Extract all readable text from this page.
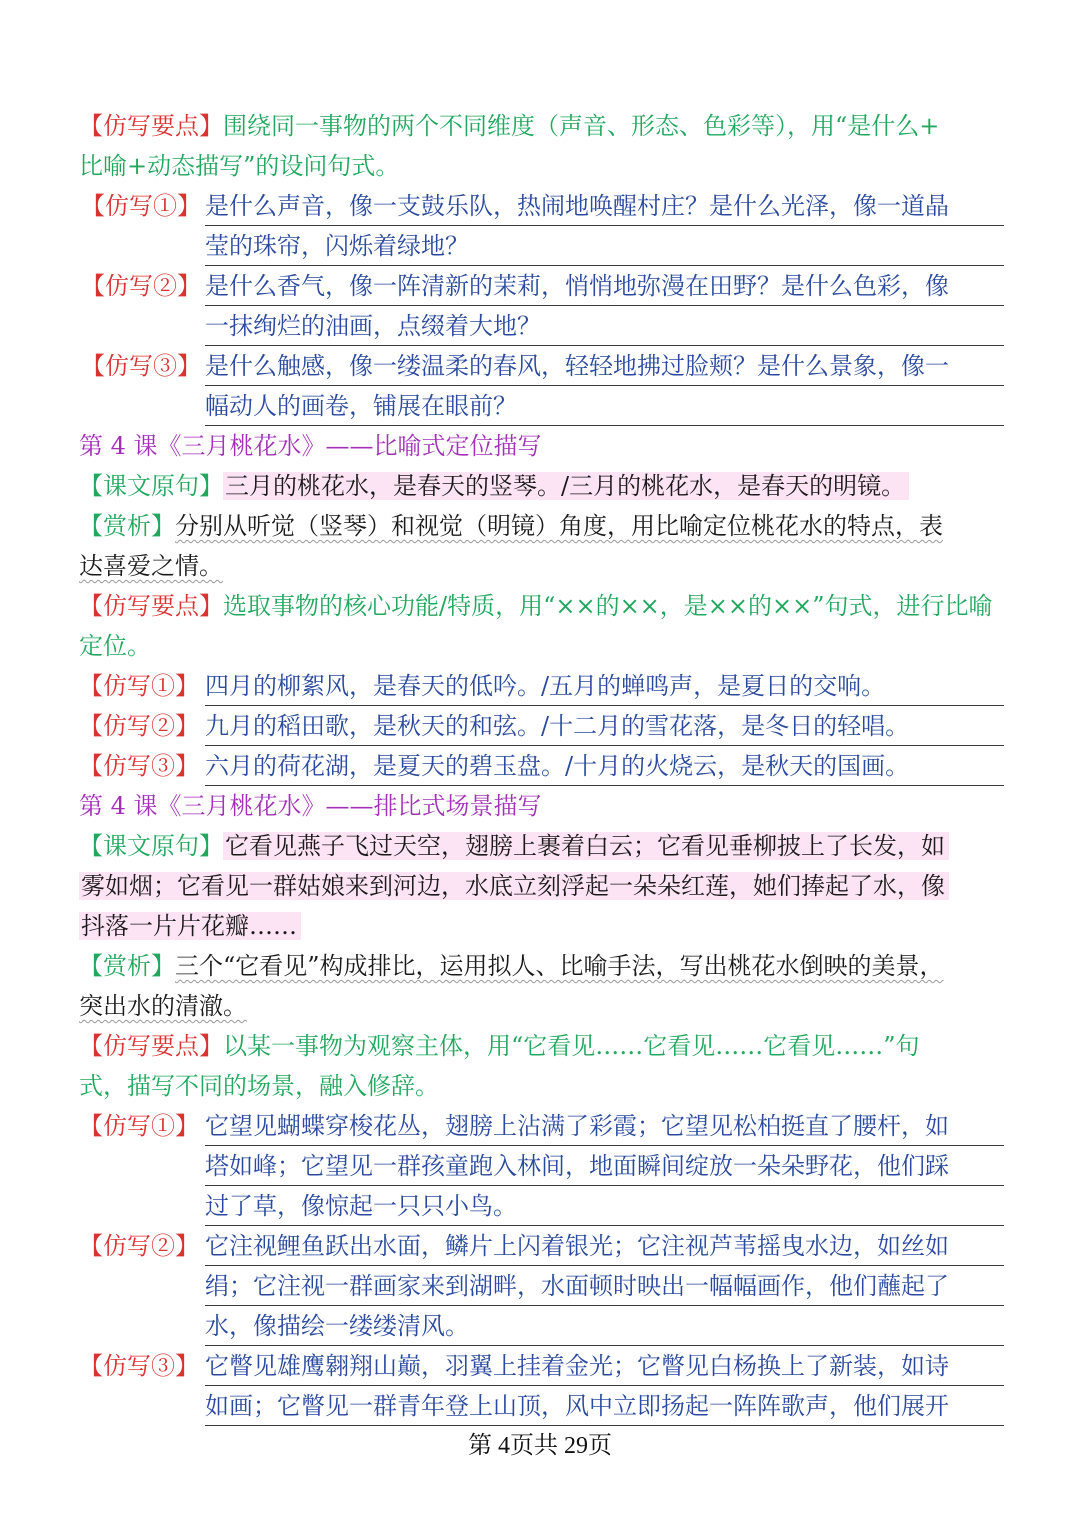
【仿写要点】围绕同一事物的两个不同维度（声音、形态、色彩等），用“是什么+
比喻+动态描写”的设问句式。
【仿写①】 是什么声音，像一支鼓乐队，热闹地唤醒村庄？是什么光泽，像一道晶
莹的珠帘，闪烁着绿地？
【仿写②】 是什么香气，像一阵清新的茉莉，悄悄地弥漫在田野？是什么色彩，像
一抹绚烂的油画，点缀着大地？
【仿写③】 是什么触感，像一缕温柔的春风，轻轻地拂过脸颊？是什么景象，像一
幅动人的画卷，铺展在眼前？
第 4 课《三月桃花水》——比喻式定位描写
【课文原句】三月的桃花水，是春天的竖琴。/三月的桃花水，是春天的明镜。
【赏析】分别从听觉（竖琴）和视觉（明镜）角度，用比喻定位桃花水的特点，表
达喜爱之情。
【仿写要点】选取事物的核心功能/特质，用“××的××，是××的××”句式，进行比喻
定位。
【仿写①】 四月的柳絮风，是春天的低吟。/五月的蝉鸣声，是夏日的交响。
【仿写②】 九月的稻田歌，是秋天的和弦。/十二月的雪花落，是冬日的轻唱。
【仿写③】 六月的荷花湖，是夏天的碧玉盘。/十月的火烧云，是秋天的国画。
第 4 课《三月桃花水》——排比式场景描写
【课文原句】它看见燕子飞过天空，翅膀上裹着白云；它看见垂柳披上了长发，如
雾如烟；它看见一群姑娘来到河边，水底立刻浮起一朵朵红莲，她们捧起了水，像
抖落一片片花瓣……
【赏析】三个“它看见”构成排比，运用拟人、比喻手法，写出桃花水倒映的美景，
突出水的清澈。
【仿写要点】以某一事物为观察主体，用“它看见……它看见……它看见……”句
式，描写不同的场景，融入修辞。
【仿写①】 它望见蝴蝶穿梭花丛，翅膀上沾满了彩霞；它望见松柏挺直了腰杆，如
塔如峰；它望见一群孩童跑入林间，地面瞬间绽放一朵朵野花，他们踩
过了草，像惊起一只只小鸟。
【仿写②】 它注视鲤鱼跃出水面，鳞片上闪着银光；它注视芦苇摇曳水边，如丝如
绢；它注视一群画家来到湖畔，水面顿时映出一幅幅画作，他们蘸起了
水，像描绘一缕缕清风。
【仿写③】 它瞥见雄鹰翱翔山巅，羽翼上挂着金光；它瞥见白杨换上了新装，如诗
如画；它瞥见一群青年登上山顶，风中立即扬起一阵阵歌声，他们展开
第 4页共 29页
